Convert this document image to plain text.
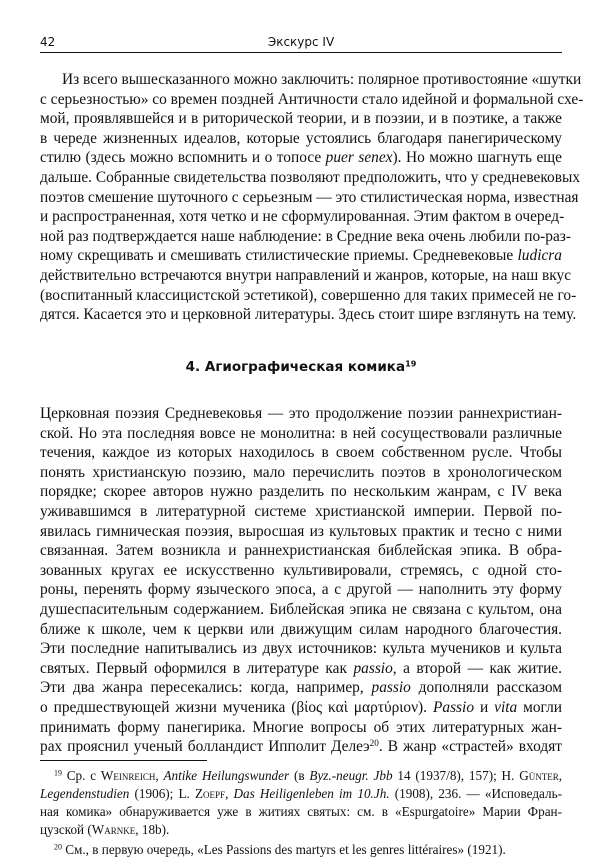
42	Экскурс IV
Из всего вышесказанного можно заключить: полярное противостояние «шутки
с серьезностью» со времен поздней Античности стало идейной и формальной схе-
мой, проявлявшейся и в риторической теории, и в поэзии, и в поэтике, а также
в череде жизненных идеалов, которые устоялись благодаря панегирическому
стилю (здесь можно вспомнить и о топосе puer senex). Но можно шагнуть еще
дальше. Собранные свидетельства позволяют предположить, что у средневековых
поэтов смешение шуточного с серьезным — это стилистическая норма, известная
и распространенная, хотя четко и не сформулированная. Этим фактом в очеред-
ной раз подтверждается наше наблюдение: в Средние века очень любили по-раз-
ному скрещивать и смешивать стилистические приемы. Средневековые ludicra
действительно встречаются внутри направлений и жанров, которые, на наш вкус
(воспитанный классицистской эстетикой), совершенно для таких примесей не го-
дятся. Касается это и церковной литературы. Здесь стоит шире взглянуть на тему.
4. Агиографическая комика$^{19}$
Церковная поэзия Средневековья — это продолжение поэзии раннехристиан-
ской. Но эта последняя вовсе не монолитна: в ней сосуществовали различные
течения, каждое из которых находилось в своем собственном русле. Чтобы
понять христианскую поэзию, мало перечислить поэтов в хронологическом
порядке; скорее авторов нужно разделить по нескольким жанрам, с IV века
уживавшимся в литературной системе христианской империи. Первой по-
явилась гимническая поэзия, выросшая из культовых практик и тесно с ними
связанная. Затем возникла и раннехристианская библейская эпика. В обра-
зованных кругах ее искусственно культивировали, стремясь, с одной сто-
роны, перенять форму языческого эпоса, а с другой — наполнить эту форму
душеспасительным содержанием. Библейская эпика не связана с культом, она
ближе к школе, чем к церкви или движущим силам народного благочестия.
Эти последние напитывались из двух источников: культа мучеников и культа
святых. Первый оформился в литературе как passio, а второй — как житие.
Эти два жанра пересекались: когда, например, passio дополняли рассказом
о предшествующей жизни мученика (βίος καὶ μαρτύριον). Passio и vita могли
принимать форму панегирика. Многие вопросы об этих литературных жан-
рах прояснил ученый болландист Ипполит Делеэ$^{20}$. В жанр «страстей» входят
$^{19}$ Ср. с Weinreich, Antike Heilungswunder (в Byz.-neugr. Jbb 14 (1937/8), 157); H. Günter,
Legendenstudien (1906); L. Zoepf, Das Heiligenleben im 10.Jh. (1908), 236. — «Исповедаль-
ная комика» обнаруживается уже в житиях святых: см. в «Espurgatoire» Марии Фран-
цузской (Warnke, 18b).
$^{20}$ См., в первую очередь, «Les Passions des martyrs et les genres littéraires» (1921).
